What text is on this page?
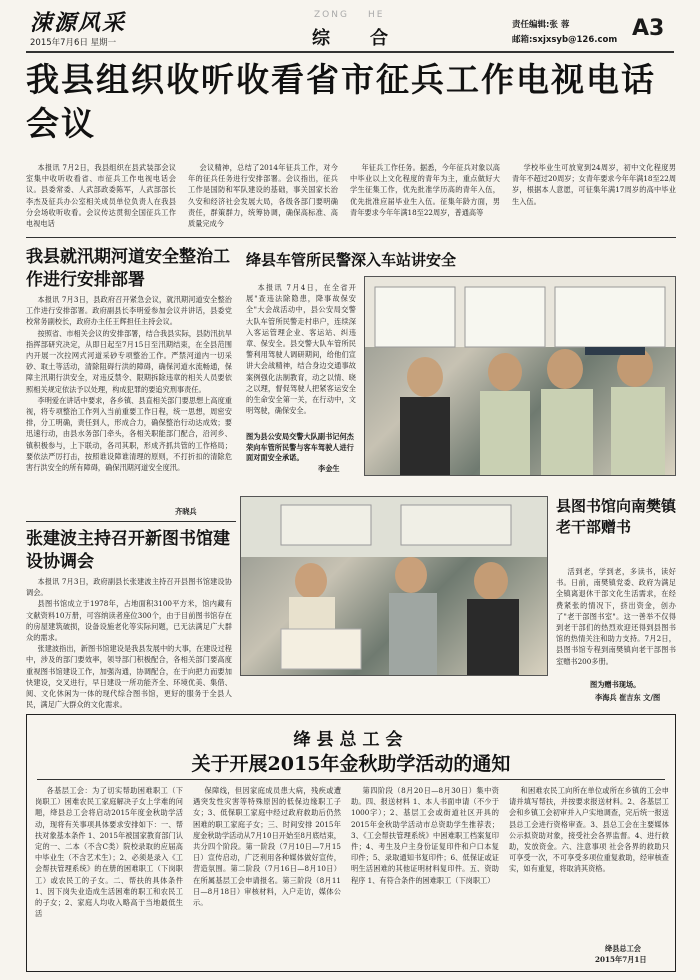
涑源风采
2015年7月6日 星期一
ZONG HE
综 合
责任编辑:张 蓉
邮箱:sxjxsyb@126.com A3
我县组织收听收看省市征兵工作电视电话会议

本报讯 7月2日，我县组织在县武装部会议室集中收听收看省、市征兵工作电视电话会议。县委常委、人武部政委陈军，人武部部长李杰及征兵办公室相关成员单位负责人在我县分会场收听收看。会议传达贯彻全国征兵工作电视电话

会议精神，总结了2014年征兵工作，对今年的征兵任务进行安排部署。会议指出，征兵工作是国防和军队建设的基础，事关国家长治久安和经济社会发展大局，各级各部门要明确责任，群策群力，统筹协调，确保高标准、高质量完成今

年征兵工作任务。据悉，今年征兵对象以高中毕业以上文化程度的青年为主，重点做好大学生征集工作，优先批准学历高的青年入伍，优先批准应届毕业生入伍。征集年龄方面，男青年要求今年年满18至22周岁，普通高等

学校毕业生可放宽到24周岁，初中文化程度男青年不超过20周岁；女青年要求今年年满18至22周岁，根据本人意愿，可征集年满17周岁的高中毕业生入伍。

我县就汛期河道安全整治工作进行安排部署

本报讯 7月3日，县政府召开紧急会议，就汛期河道安全整治工作进行安排部署。政府副县长李明爱参加会议并讲话，县委党校常务副校长，政府办主任王辉担任主持会议。

按照省、市相关会议的安排部署，结合我县实际，县防汛抗旱指挥部研究决定，从即日起至7月15日至汛期结束，在全县范围内开展一次拉网式河道采砂专项整治工作。严禁河道内一切采砂、取土等活动，清除阻碍行洪的障碍，确保河道水流畅通，保障主汛期行洪安全，对违反禁令、限期拆除违章的相关人员要依照相关规定依法予以处理，构成犯罪的要追究刑事责任。

李明爱在讲话中要求，各乡镇、县直相关部门要思想上高度重视，将专项整治工作列入当前重要工作日程，统一思想，周密安排，分工明确，责任到人，形成合力，确保整治行动达成效；要迅速行动，由县水务部门牵头，各相关职能部门配合，沿河乡、镇积极参与，上下联动，各司其职，形成齐抓共管的工作格局；要依法严厉打击，按照谁设障谁清理的原则，不打折扣的清除危害行洪安全的所有障碍，确保汛期河道安全度汛。

齐晓兵
绛县车管所民警深入车站讲安全

本报讯 7月4日，在全省开展"查违法除隐患，降事故保安全"大会战活动中，县公安局交警大队车管所民警走村串户，连续深入客运管理企业、客运站、纠违章、保安全。县交警大队车管所民警利用驾驶人调研期间，给他们宣讲大会战精神，结合身边交通事故案例强化法制教育，动之以情、晓之以理，督促驾驶人把紧客运安全的生命安全第一关，在行动中，文明驾驶，确保安全。

图为县公安局交警大队副书记何杰荣向车管所民警与客车驾驶人进行面对面安全承诺。
李金生
张建波主持召开新图书馆建设协调会

本报讯 7月3日，政府副县长张建波主持召开县图书馆建设协调会。

县图书馆成立于1978年，占地面积3100平方米，馆内藏有文献资料10万册，可容纳读者座位300个，由于目前图书馆存在的房屋建筑破损，设备设施老化等实际问题，已无法满足广大群众的需求。

张建波指出，新图书馆建设是我县发展中的大事，在建设过程中，涉及的部门要效率，领导部门积极配合，各相关部门要高度重视图书馆建设工作，加强沟通，协调配合，在于向把力而要加快建设，交叉进行，早日建设一所功能齐全、环境优美、集借、阅、文化休闲为一体的现代综合图书馆，更好的服务于全县人民，满足广大群众的文化需求。

县图书馆向南樊镇老干部赠书

活到老，学到老，多读书，读好书。日前，南樊镇党委、政府为满足全镇离退休干部文化生活需求，在经费紧张的情况下，挤出资金，创办了"老干部图书室"。这一善举不仅得到老干部们的热烈欢迎还得到县图书馆的热情关注和助力支持。7月2日，县图书馆专程到南樊镇向老干部图书室赠书200多册。

图为赠书现场。
李海兵 崔吉东 文/图
绛县总工会
关于开展2015年金秋助学活动的通知

各基层工会：为了切实帮助困难职工（下岗职工）困难农民工家庭解决子女上学难的问题，绛县总工会将启动2015年度金秋助学活动，现将有关事项具体要求安排如下：一、帮扶对象基本条件 1、2015年被国家教育部门认定的一、二本（不含C类）院校录取的应届高中毕业生（不含艺术生）；2、必须是录入《工会帮扶管理系统》的在册的困难职工（下岗职工）或农民工的子女。二、帮扶的具体条件 1、因下岗失业造成生活困难的职工和农民工的子女；2、家庭人均收入略高于当地最低生活

保障线，但因家庭成员患大病，残疾或遭遇突发性灾害等特殊原因的低保边缘职工子女；3、低保职工家庭中经过政府救助后仍然困难的职工家庭子女；三、时间安排 2015年度金秋助学活动从7月10日开始至8月底结束，共分四个阶段。第一阶段（7月10日—7月15日）宣传启动，广泛利用各种媒体做好宣传，营造氛围。第二阶段（7月16日—8月10日）在所属基层工会申请报名。第三阶段（8月11日—8月18日）审核材料，入户走访，媒体公示。

第四阶段（8月20日—8月30日）集中资助。四、报送材料 1、本人书面申请（不少于1000字）；2、基层工会或街道社区开具的2015年金秋助学活动市总资助学生推荐表；3、《工会帮扶管理系统》中困难职工档案复印件；4、考生及户主身份证复印件和户口本复印件；5、录取通知书复印件；6、低保证或证明生活困难的其他证明材料复印件。五、资助程序 1、有符合条件的困难职工（下岗职工）

和困难农民工向所在单位或所在乡镇的工会申请并填写帮扶，并按要求报送材料。2、各基层工会和乡镇工会初审并入户实地调查，完后统一报送县总工会进行资格审查。3、县总工会在主要媒体公示拟资助对象，接受社会各界监督。4、进行救助，发放资金。六、注意事项 社会各界的救助只可享受一次，不可享受多项位重复救助，经审核查实，如有重复，将取消其资格。

绛县总工会
2015年7月1日
